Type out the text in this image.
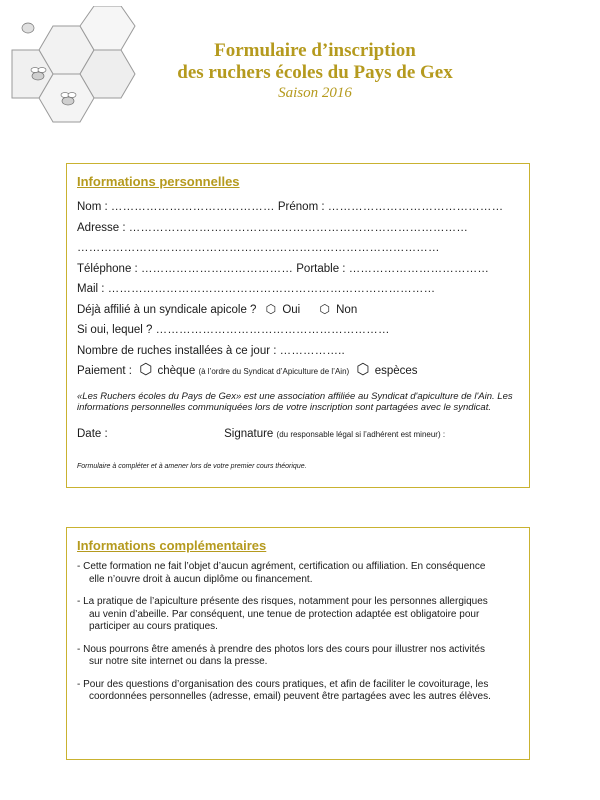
Formulaire d’inscription
des ruchers écoles du Pays de Gex
Saison 2016
Informations personnelles
Nom : …………………………………… Prénom : ………………………………………
Adresse : ……………………………………………………………………………
…………………………………………………………………………………
Téléphone : ………………………………… Portable : ………………………………
Mail : …………………………………………………………………………
Déjà affilié à un syndicale apicole ? ⬡ Oui ⬡ Non
Si oui, lequel ? ……………………………………………………
Nombre de ruches installées à ce jour : ……………..
Paiement : ⬡ chèque (à l’ordre du Syndicat d’Apiculture de l’Ain) ⬡ espèces
«Les Ruchers écoles du Pays de Gex» est une association affiliée au Syndicat d'apiculture de l'Ain. Les informations personnelles communiquées lors de votre inscription sont partagées avec le syndicat.
Date :	Signature (du responsable légal si l’adhérent est mineur) :
Formulaire à compléter et à amener lors de votre premier cours théorique.
Informations complémentaires
- Cette formation ne fait l’objet d’aucun agrément, certification ou affiliation. En conséquence
elle n’ouvre droit à aucun diplôme ou financement.
- La pratique de l’apiculture présente des risques, notamment pour les personnes allergiques
au venin d’abeille. Par conséquent, une tenue de protection adaptée est obligatoire pour participer au cours pratiques.
- Nous pourrons être amenés à prendre des photos lors des cours pour illustrer nos activités
sur notre site internet ou dans la presse.
- Pour des questions d’organisation des cours pratiques, et afin de faciliter le covoiturage, les
coordonnées personnelles (adresse, email) peuvent être partagées avec les autres élèves.
